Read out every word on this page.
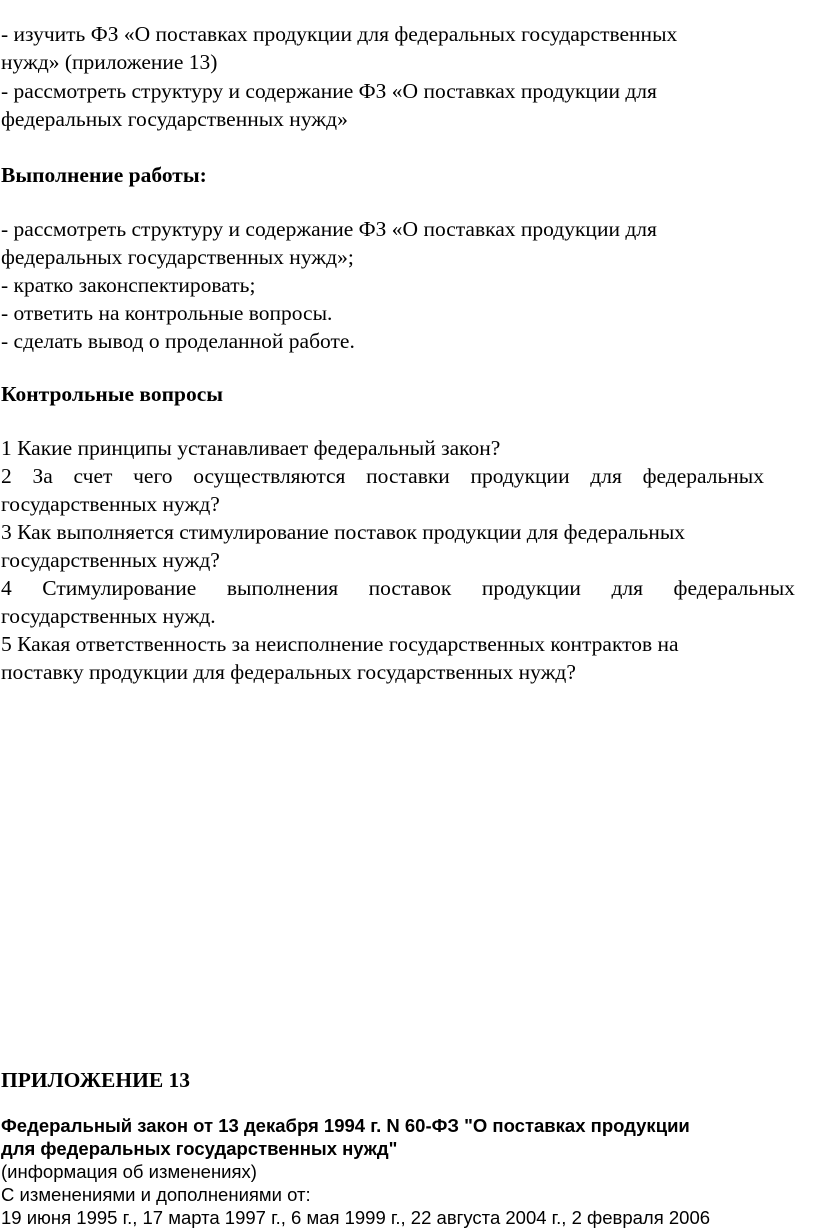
- изучить ФЗ «О поставках продукции для федеральных государственных
нужд» (приложение 13)
- рассмотреть структуру и содержание ФЗ «О поставках продукции для
федеральных государственных нужд»
Выполнение работы:
- рассмотреть структуру и содержание ФЗ «О поставках продукции для
федеральных государственных нужд»;
- кратко законспектировать;
- ответить на контрольные вопросы.
- сделать вывод о проделанной работе.
Контрольные вопросы
1 Какие принципы устанавливает федеральный закон?
2 За счет чего осуществляются поставки продукции для федеральных
государственных нужд?
3 Как выполняется стимулирование поставок продукции для федеральных
государственных нужд?
4 Стимулирование выполнения поставок продукции для федеральных
государственных нужд.
5 Какая ответственность за неисполнение государственных контрактов на
поставку продукции для федеральных государственных нужд?
ПРИЛОЖЕНИЕ 13
Федеральный закон от 13 декабря 1994 г. N 60-ФЗ "О поставках продукции
для федеральных государственных нужд"
(информация об изменениях)
С изменениями и дополнениями от:
19 июня 1995 г., 17 марта 1997 г., 6 мая 1999 г., 22 августа 2004 г., 2 февраля 2006
